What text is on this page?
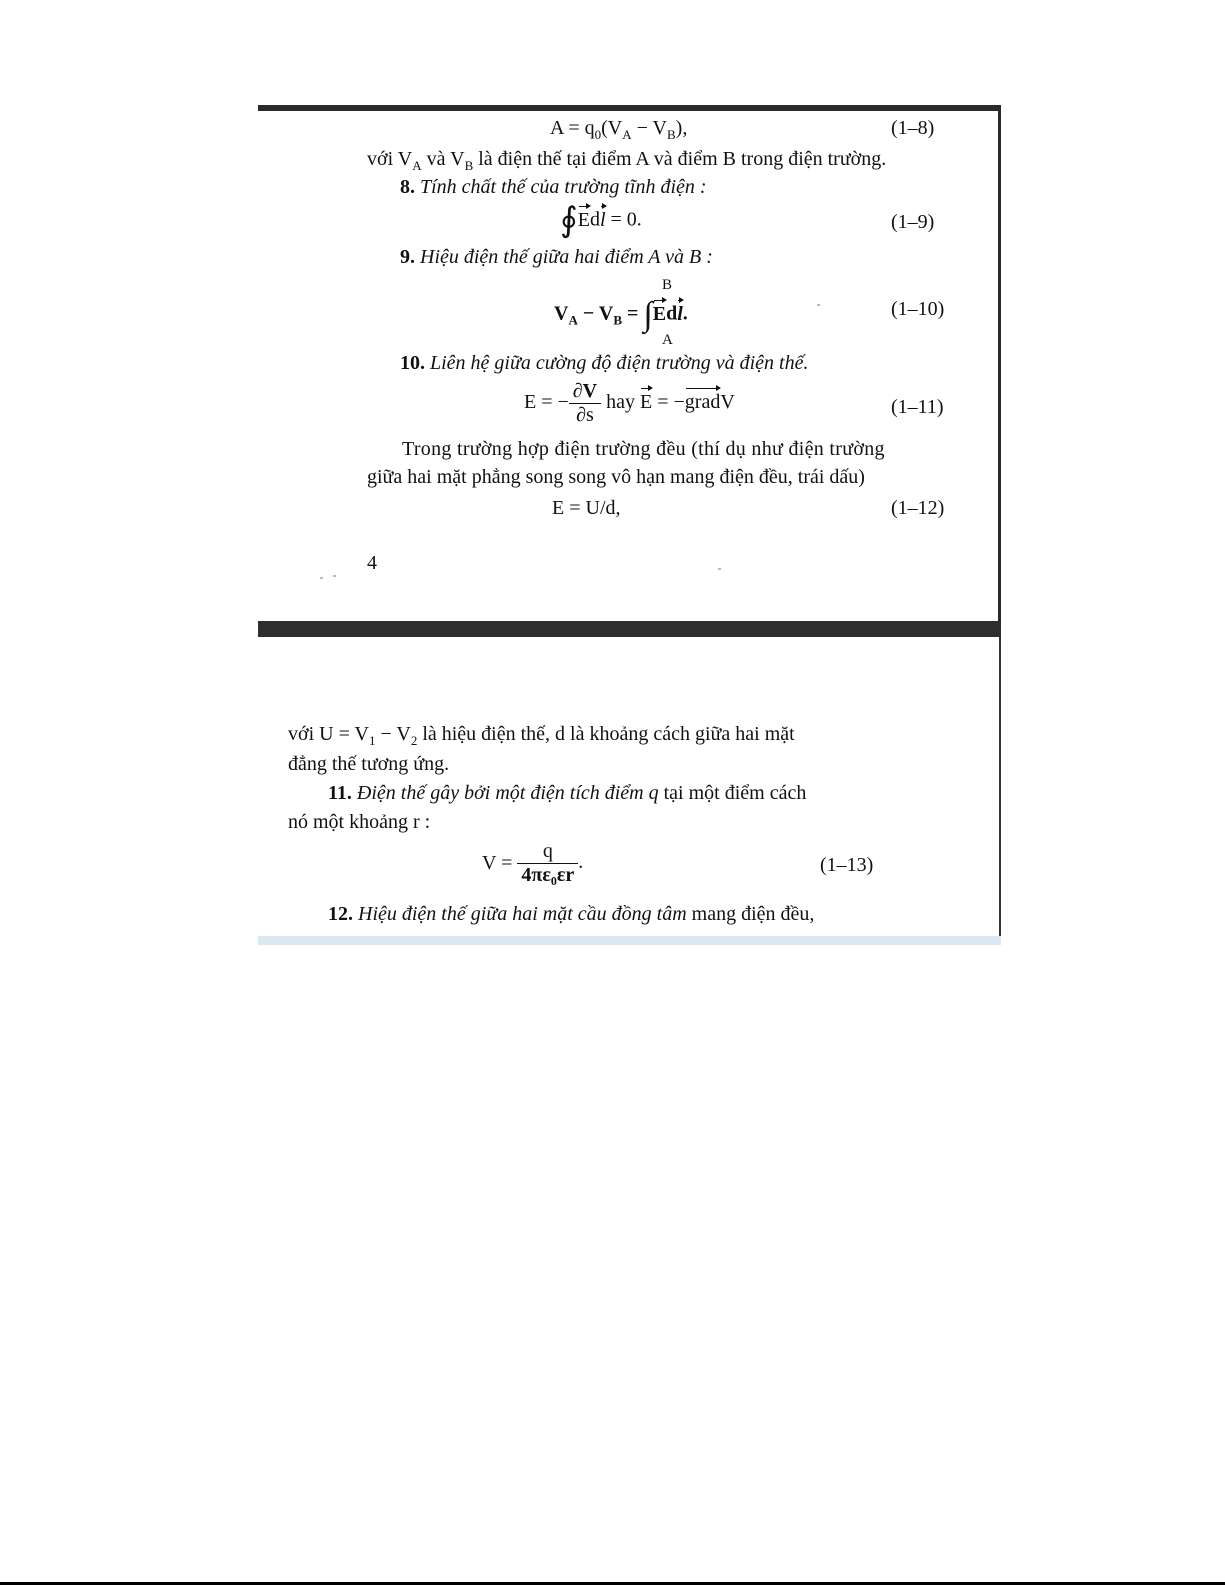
$A = q_0(V_A - V_B)$,	(1–8)
với $V_A$ và $V_B$ là điện thế tại điểm A và điểm B trong điện trường.
8. Tính chất thế của trường tĩnh điện :
∮Edl = 0.	(1–9)
9. Hiệu điện thế giữa hai điểm A và B :
B
$V_A - V_B = \int Edl$.
A
(1–10)
10. Liên hệ giữa cường độ điện trường và điện thế.
E = − $\frac{\partial V}{\partial s}$ hay E = −gradV	(1–11)
Trong trường hợp điện trường đều (thí dụ như điện trường
giữa hai mặt phẳng song song vô hạn mang điện đều, trái dấu)
E = U/d,	(1–12)
4
với $U = V_1 - V_2$ là hiệu điện thế, d là khoảng cách giữa hai mặt
đẳng thế tương ứng.
11. Điện thế gây bởi một điện tích điểm q tại một điểm cách
nó một khoảng r :
$V = \frac{q}{\text{4πε₀εr}}$ .	(1–13)
12. Hiệu điện thế giữa hai mặt cầu đồng tâm mang điện đều,
